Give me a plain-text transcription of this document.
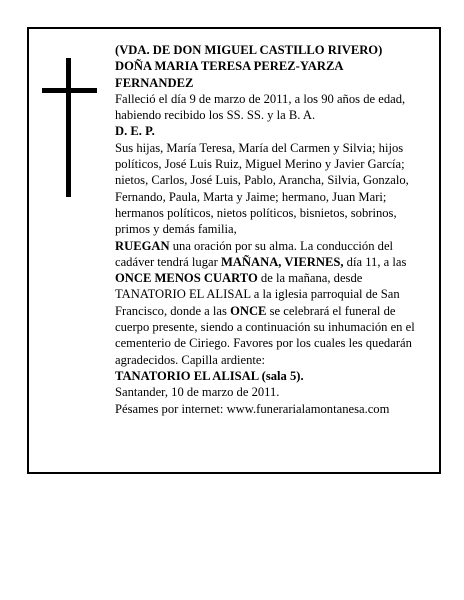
(VDA. DE DON MIGUEL CASTILLO RIVERO)

DOÑA MARIA TERESA PEREZ-YARZA FERNANDEZ

Falleció el día 9 de marzo de 2011, a los 90 años de edad, habiendo recibido los SS. SS. y la B. A.

D. E. P.

Sus hijas, María Teresa, María del Carmen y Silvia; hijos políticos, José Luis Ruiz, Miguel Merino y Javier García; nietos, Carlos, José Luis, Pablo, Arancha, Silvia, Gonzalo, Fernando, Paula, Marta y Jaime; hermano, Juan Mari; hermanos políticos, nietos políticos, bisnietos, sobrinos, primos y demás familia,

RUEGAN una oración por su alma. La conducción del cadáver tendrá lugar MAÑANA, VIERNES, día 11, a las ONCE MENOS CUARTO de la mañana, desde TANATORIO EL ALISAL a la iglesia parroquial de San Francisco, donde a las ONCE se celebrará el funeral de cuerpo presente, siendo a continuación su inhumación en el cementerio de Ciriego. Favores por los cuales les quedarán agradecidos. Capilla ardiente:

TANATORIO EL ALISAL (sala 5).

Santander, 10 de marzo de 2011.

Pésames por internet: www.funerarialamontanesa.com
